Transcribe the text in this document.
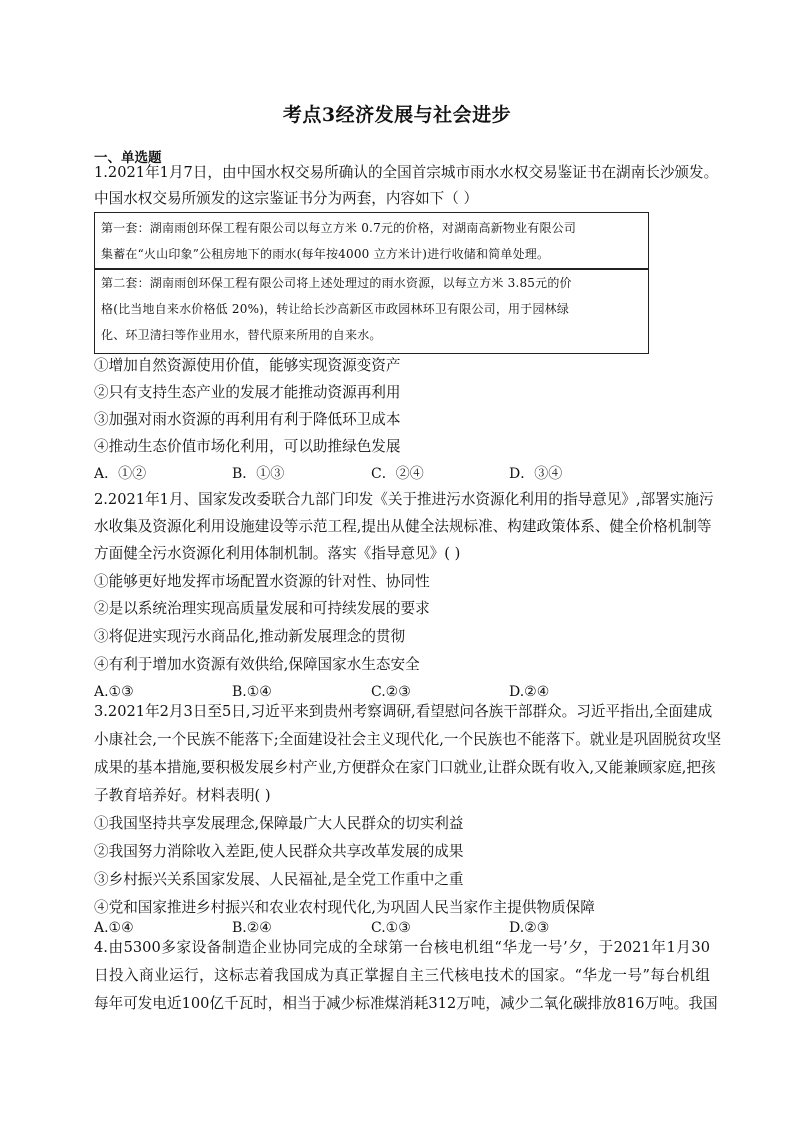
考点3经济发展与社会进步
一、单选题
1.2021年1月7日，由中国水权交易所确认的全国首宗城市雨水水权交易鉴证书在湖南长沙颁发。
中国水权交易所颁发的这宗鉴证书分为两套，内容如下（ ）
第一套：湖南雨创环保工程有限公司以每立方米 0.7元的价格，对湖南高新物业有限公司
集蓄在“火山印象”公租房地下的雨水(每年按4000 立方米计)进行收储和简单处理。
第二套：湖南雨创环保工程有限公司将上述处理过的雨水资源，以每立方米 3.85元的价
格(比当地自来水价格低 20%)，转让给长沙高新区市政园林环卫有限公司，用于园林绿
化、环卫清扫等作业用水，替代原来所用的自来水。
①增加自然资源使用价值，能够实现资源变资产
②只有支持生态产业的发展才能推动资源再利用
③加强对雨水资源的再利用有利于降低环卫成本
④推动生态价值市场化利用，可以助推绿色发展
A．①②	B．①③	C．②④	D．③④
2.2021年1月、国家发改委联合九部门印发《关于推进污水资源化利用的指导意见》,部署实施污
水收集及资源化利用设施建设等示范工程,提出从健全法规标准、构建政策体系、健全价格机制等
方面健全污水资源化利用体制机制。落实《指导意见》( )
①能够更好地发挥市场配置水资源的针对性、协同性
②是以系统治理实现高质量发展和可持续发展的要求
③将促进实现污水商品化,推动新发展理念的贯彻
④有利于增加水资源有效供给,保障国家水生态安全
A.①③	B.①④	C.②③	D.②④
3.2021年2月3日至5日,习近平来到贵州考察调研,看望慰问各族干部群众。习近平指出,全面建成
小康社会,一个民族不能落下;全面建设社会主义现代化,一个民族也不能落下。就业是巩固脱贫攻坚
成果的基本措施,要积极发展乡村产业,方便群众在家门口就业,让群众既有收入,又能兼顾家庭,把孩
子教育培养好。材料表明( )
①我国坚持共享发展理念,保障最广大人民群众的切实利益
②我国努力消除收入差距,使人民群众共享改革发展的成果
③乡村振兴关系国家发展、人民福祉,是全党工作重中之重
④党和国家推进乡村振兴和农业农村现代化,为巩固人民当家作主提供物质保障
A.①④	B.②④	C.①③	D.②③
4.由5300多家设备制造企业协同完成的全球第一台核电机组“华龙一号’夕，于2021年1月30
日投入商业运行，这标志着我国成为真正掌握自主三代核电技术的国家。“华龙一号”每台机组
每年可发电近100亿千瓦时，相当于减少标准煤消耗312万吨，减少二氧化碳排放816万吨。我国
